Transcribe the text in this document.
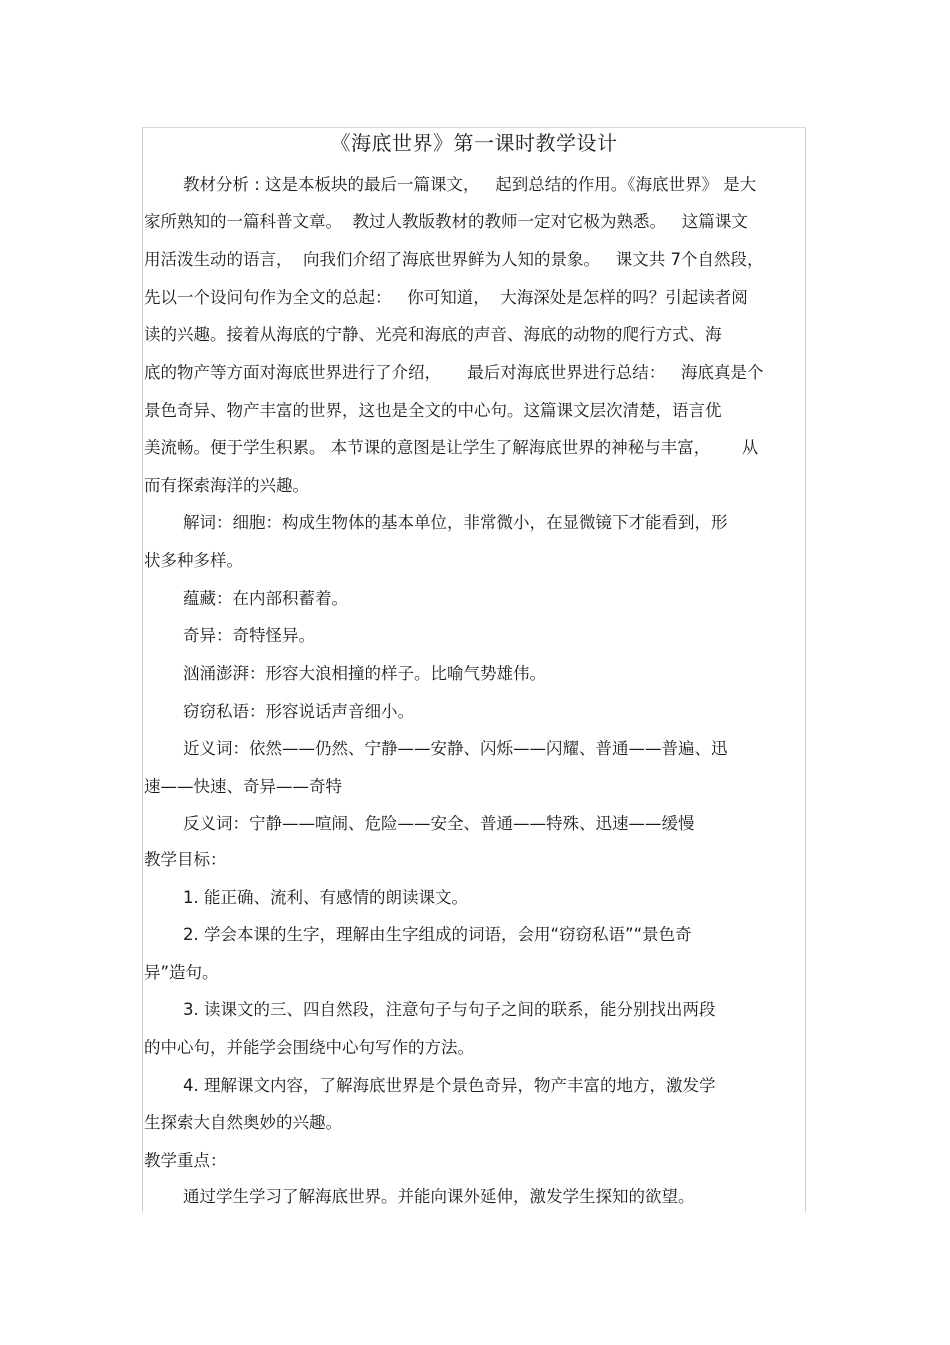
《海底世界》第一课时教学设计
教材分析 : 这是本板块的最后一篇课文，   起到总结的作用。《海底世界》 是大
家所熟知的一篇科普文章。  教过人教版教材的教师一定对它极为熟悉。   这篇课文
用活泼生动的语言，  向我们介绍了海底世界鲜为人知的景象。   课文共 7个自然段，
先以一个设问句作为全文的总起：   你可知道，  大海深处是怎样的吗？引起读者阅
读的兴趣。接着从海底的宁静、光亮和海底的声音、海底的动物的爬行方式、海
底的物产等方面对海底世界进行了介绍，     最后对海底世界进行总结：   海底真是个
景色奇异、物产丰富的世界，这也是全文的中心句。这篇课文层次清楚，语言优
美流畅。便于学生积累。 本节课的意图是让学生了解海底世界的神秘与丰富，      从
而有探索海洋的兴趣。
解词：细胞：构成生物体的基本单位，非常微小，在显微镜下才能看到，形
状多种多样。
蕴藏：在内部积蓄着。
奇异：奇特怪异。
汹涌澎湃：形容大浪相撞的样子。比喻气势雄伟。
窃窃私语：形容说话声音细小。
近义词：依然——仍然、宁静——安静、闪烁——闪耀、普通——普遍、迅
速——快速、奇异——奇特
反义词：宁静——喧闹、危险——安全、普通——特殊、迅速——缓慢
教学目标：
1. 能正确、流利、有感情的朗读课文。
2. 学会本课的生字，理解由生字组成的词语，会用“窃窃私语”“景色奇
异”造句。
3. 读课文的三、四自然段，注意句子与句子之间的联系，能分别找出两段
的中心句，并能学会围绕中心句写作的方法。
4. 理解课文内容，了解海底世界是个景色奇异，物产丰富的地方，激发学
生探索大自然奥妙的兴趣。
教学重点：
通过学生学习了解海底世界。并能向课外延伸，激发学生探知的欲望。
